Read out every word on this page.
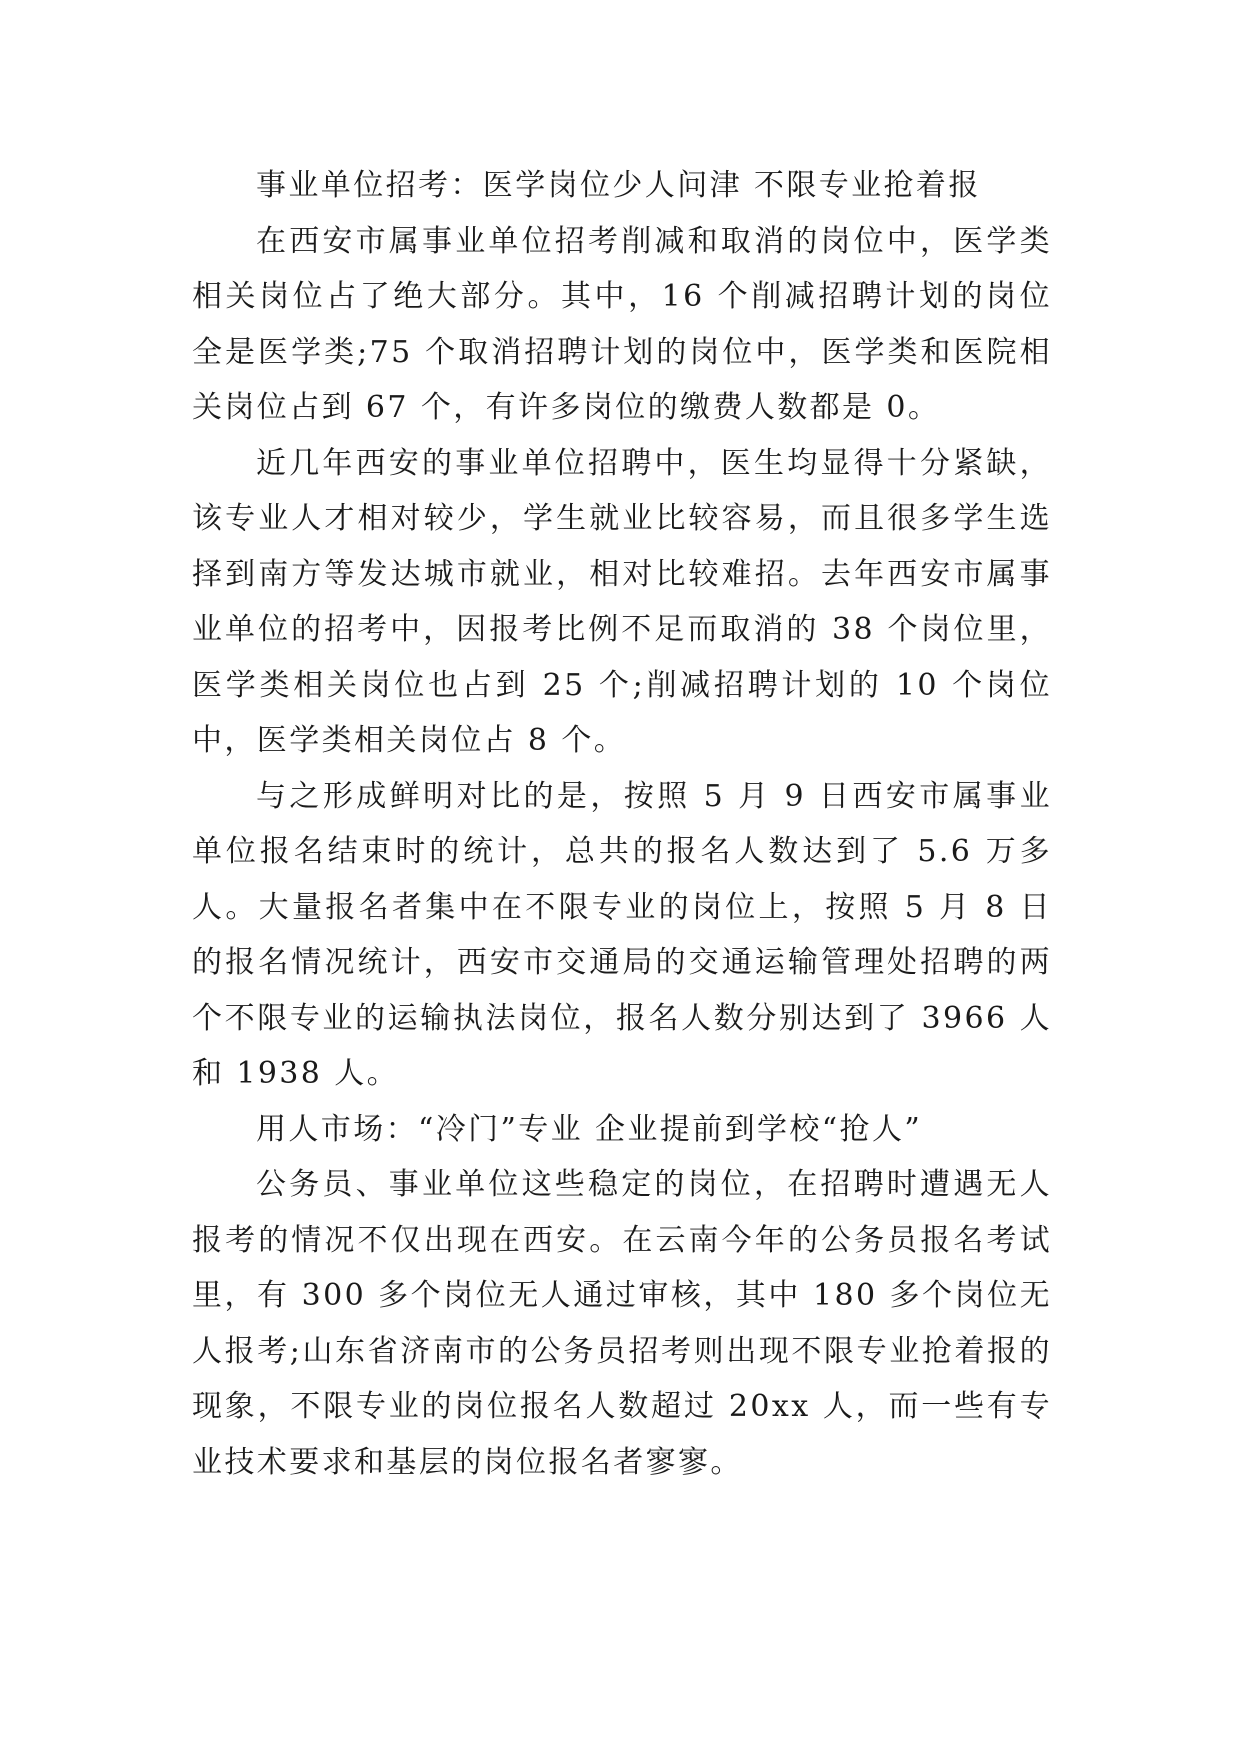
事业单位招考：医学岗位少人问津 不限专业抢着报

在西安市属事业单位招考削减和取消的岗位中，医学类相关岗位占了绝大部分。其中，16 个削减招聘计划的岗位全是医学类;75 个取消招聘计划的岗位中，医学类和医院相关岗位占到 67 个，有许多岗位的缴费人数都是 0。

近几年西安的事业单位招聘中，医生均显得十分紧缺，该专业人才相对较少，学生就业比较容易，而且很多学生选择到南方等发达城市就业，相对比较难招。去年西安市属事业单位的招考中，因报考比例不足而取消的 38 个岗位里，医学类相关岗位也占到 25 个;削减招聘计划的 10 个岗位中，医学类相关岗位占 8 个。

与之形成鲜明对比的是，按照 5 月 9 日西安市属事业单位报名结束时的统计，总共的报名人数达到了 5.6 万多人。大量报名者集中在不限专业的岗位上，按照 5 月 8 日的报名情况统计，西安市交通局的交通运输管理处招聘的两个不限专业的运输执法岗位，报名人数分别达到了 3966 人和 1938 人。

用人市场：“冷门”专业 企业提前到学校“抢人”

公务员、事业单位这些稳定的岗位，在招聘时遭遇无人报考的情况不仅出现在西安。在云南今年的公务员报名考试里，有 300 多个岗位无人通过审核，其中 180 多个岗位无人报考;山东省济南市的公务员招考则出现不限专业抢着报的现象，不限专业的岗位报名人数超过 20xx 人，而一些有专业技术要求和基层的岗位报名者寥寥。
